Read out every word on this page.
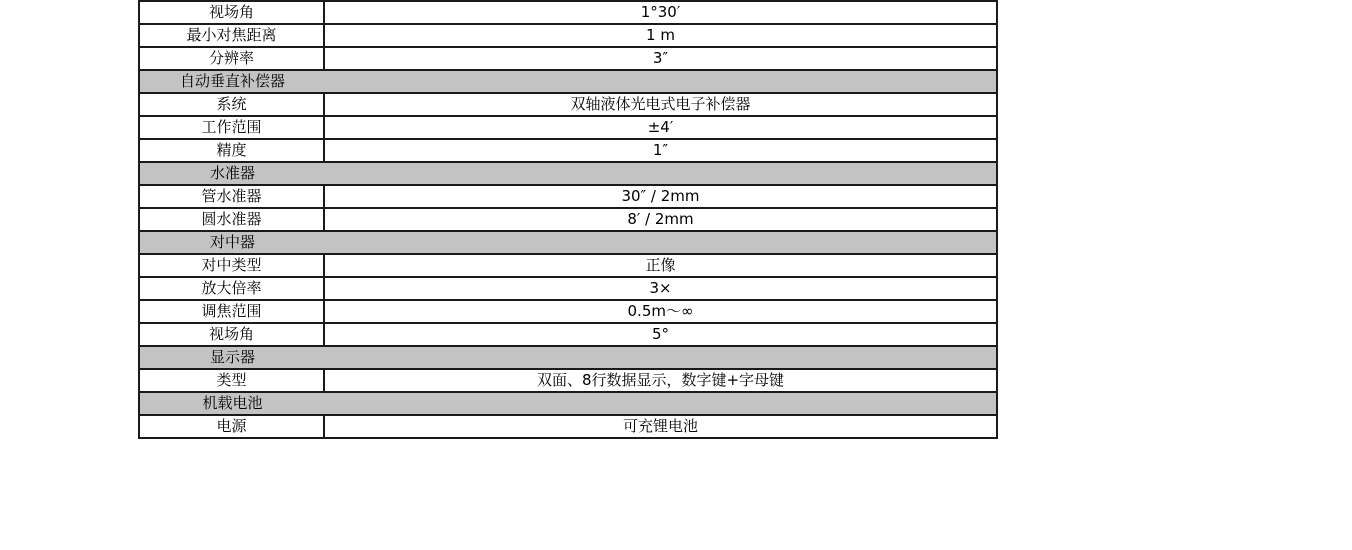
视场角	1°30′
最小对焦距离	1 m
分辨率	3″
自动垂直补偿器	
系统	双轴液体光电式电子补偿器
工作范围	±4′
精度	1″
水准器	
管水准器	30″ / 2mm
圆水准器	8′ / 2mm
对中器	
对中类型	正像
放大倍率	3×
调焦范围	0.5m～∞
视场角	5°
显示器	
类型	双面、8行数据显示，数字键+字母键
机载电池	
电源	可充锂电池
